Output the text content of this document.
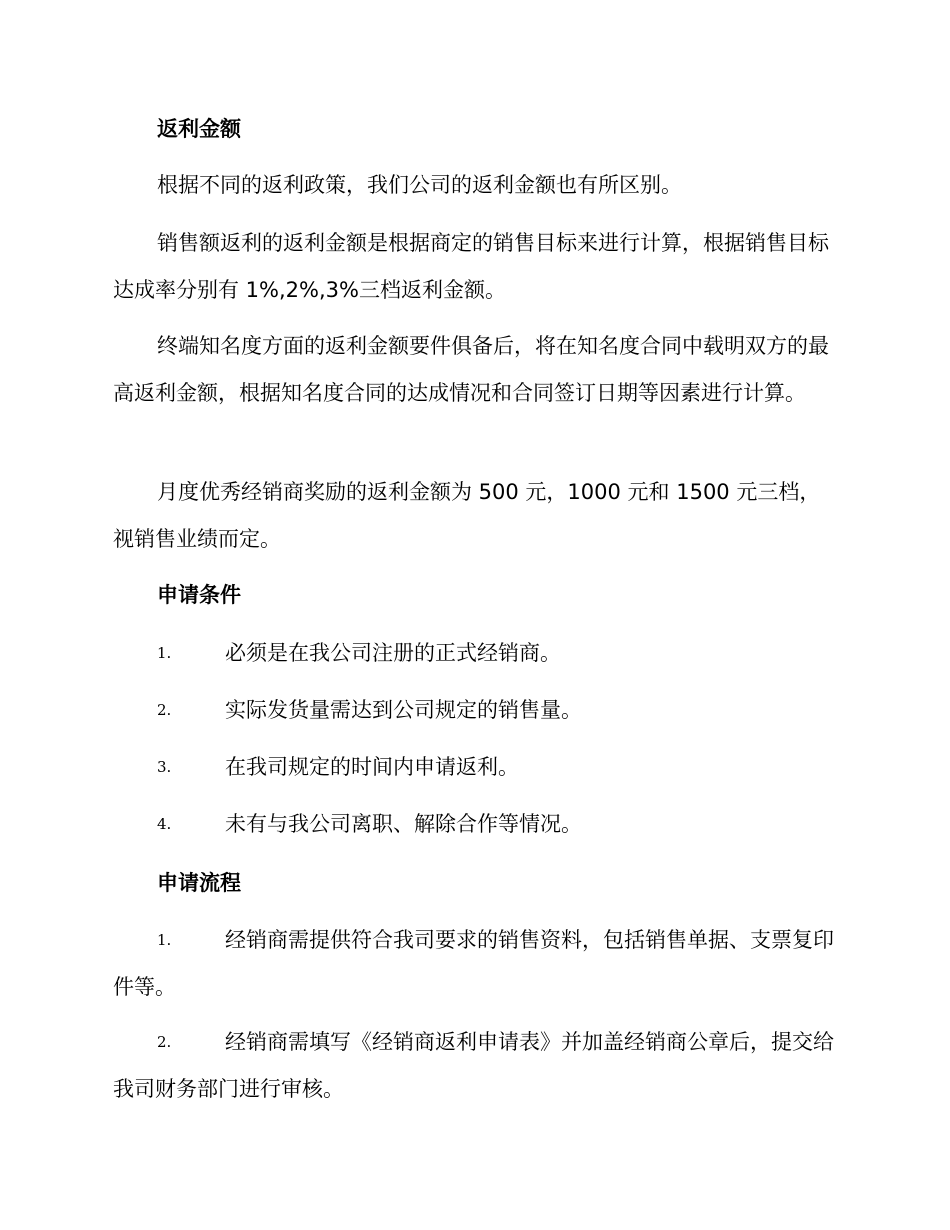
返利金额

根据不同的返利政策，我们公司的返利金额也有所区别。

销售额返利的返利金额是根据商定的销售目标来进行计算，根据销售目标达成率分别有 1%,2%,3%三档返利金额。

终端知名度方面的返利金额要件俱备后，将在知名度合同中载明双方的最高返利金额，根据知名度合同的达成情况和合同签订日期等因素进行计算。

月度优秀经销商奖励的返利金额为 500 元，1000 元和 1500 元三档，视销售业绩而定。

申请条件
1.	必须是在我公司注册的正式经销商。
2.	实际发货量需达到公司规定的销售量。
3.	在我司规定的时间内申请返利。
4.	未有与我公司离职、解除合作等情况。
申请流程
1.	经销商需提供符合我司要求的销售资料，包括销售单据、支票复印件等。
2.	经销商需填写《经销商返利申请表》并加盖经销商公章后，提交给我司财务部门进行审核。
